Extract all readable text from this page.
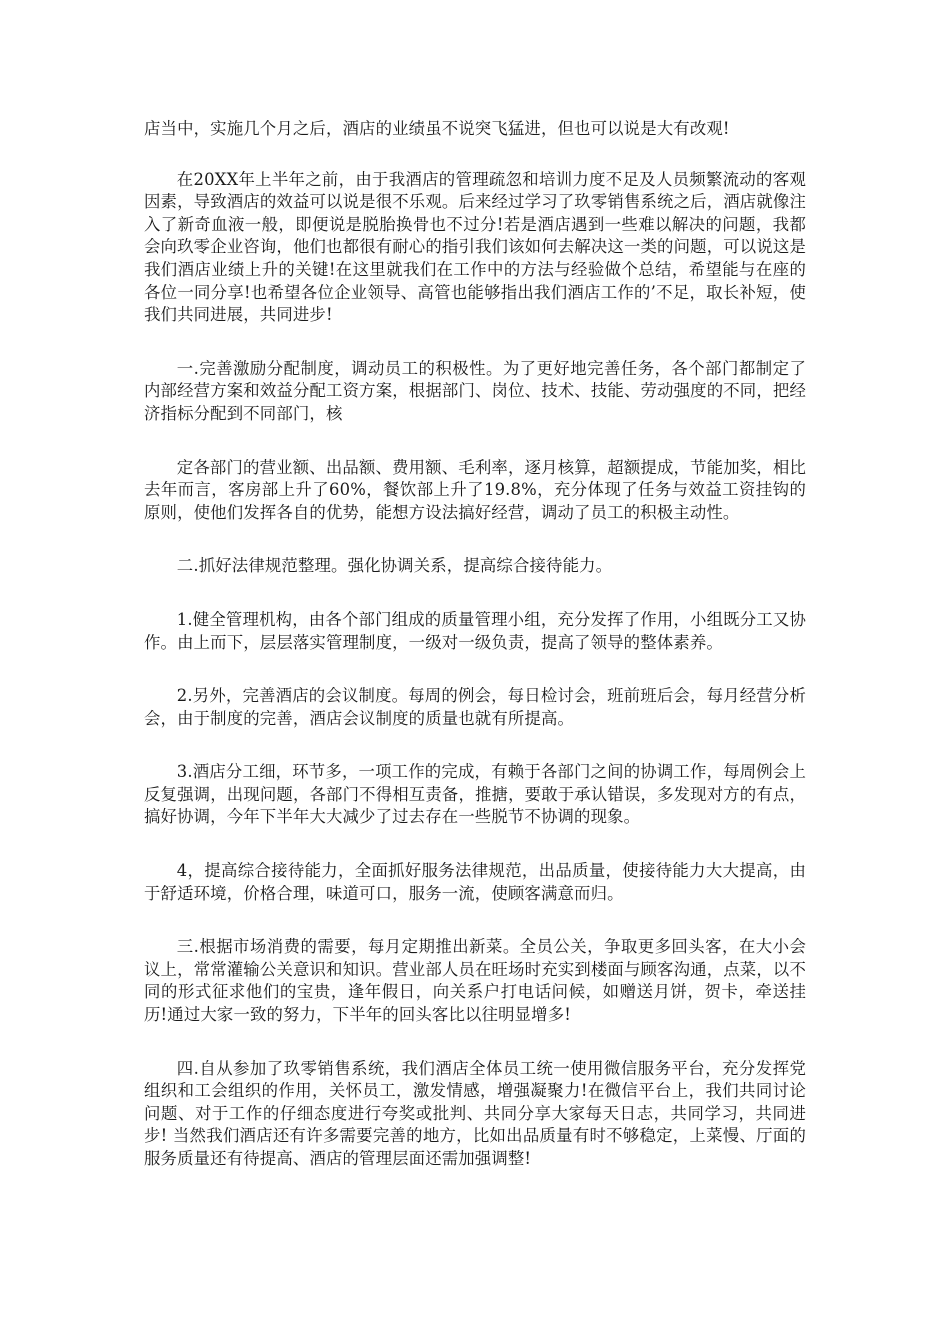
店当中，实施几个月之后，酒店的业绩虽不说突飞猛进，但也可以说是大有改观!

在20XX年上半年之前，由于我酒店的管理疏忽和培训力度不足及人员频繁流动的客观因素，导致酒店的效益可以说是很不乐观。后来经过学习了玖零销售系统之后，酒店就像注入了新奇血液一般，即便说是脱胎换骨也不过分!若是酒店遇到一些难以解决的问题，我都会向玖零企业咨询，他们也都很有耐心的指引我们该如何去解决这一类的问题，可以说这是我们酒店业绩上升的关键!在这里就我们在工作中的方法与经验做个总结，希望能与在座的各位一同分享!也希望各位企业领导、高管也能够指出我们酒店工作的’不足，取长补短，使我们共同进展，共同进步!

一.完善激励分配制度，调动员工的积极性。为了更好地完善任务，各个部门都制定了内部经营方案和效益分配工资方案，根据部门、岗位、技术、技能、劳动强度的不同，把经济指标分配到不同部门，核

定各部门的营业额、出品额、费用额、毛利率，逐月核算，超额提成，节能加奖，相比去年而言，客房部上升了60%，餐饮部上升了19.8%，充分体现了任务与效益工资挂钩的原则，使他们发挥各自的优势，能想方设法搞好经营，调动了员工的积极主动性。

二.抓好法律规范整理。强化协调关系，提高综合接待能力。

1.健全管理机构，由各个部门组成的质量管理小组，充分发挥了作用，小组既分工又协作。由上而下，层层落实管理制度，一级对一级负责，提高了领导的整体素养。

2.另外，完善酒店的会议制度。每周的例会，每日检讨会，班前班后会，每月经营分析会，由于制度的完善，酒店会议制度的质量也就有所提高。

3.酒店分工细，环节多，一项工作的完成，有赖于各部门之间的协调工作，每周例会上反复强调，出现问题，各部门不得相互责备，推搪，要敢于承认错误，多发现对方的有点，搞好协调，今年下半年大大减少了过去存在一些脱节不协调的现象。

4，提高综合接待能力，全面抓好服务法律规范，出品质量，使接待能力大大提高，由于舒适环境，价格合理，味道可口，服务一流，使顾客满意而归。

三.根据市场消费的需要，每月定期推出新菜。全员公关，争取更多回头客，在大小会议上，常常灌输公关意识和知识。营业部人员在旺场时充实到楼面与顾客沟通，点菜，以不同的形式征求他们的宝贵，逢年假日，向关系户打电话问候，如赠送月饼，贺卡，牵送挂历!通过大家一致的努力，下半年的回头客比以往明显增多!

四.自从参加了玖零销售系统，我们酒店全体员工统一使用微信服务平台，充分发挥党组织和工会组织的作用，关怀员工，激发情感，增强凝聚力!在微信平台上，我们共同讨论问题、对于工作的仔细态度进行夸奖或批判、共同分享大家每天日志，共同学习，共同进步! 当然我们酒店还有许多需要完善的地方，比如出品质量有时不够稳定，上菜慢、厅面的服务质量还有待提高、酒店的管理层面还需加强调整!
